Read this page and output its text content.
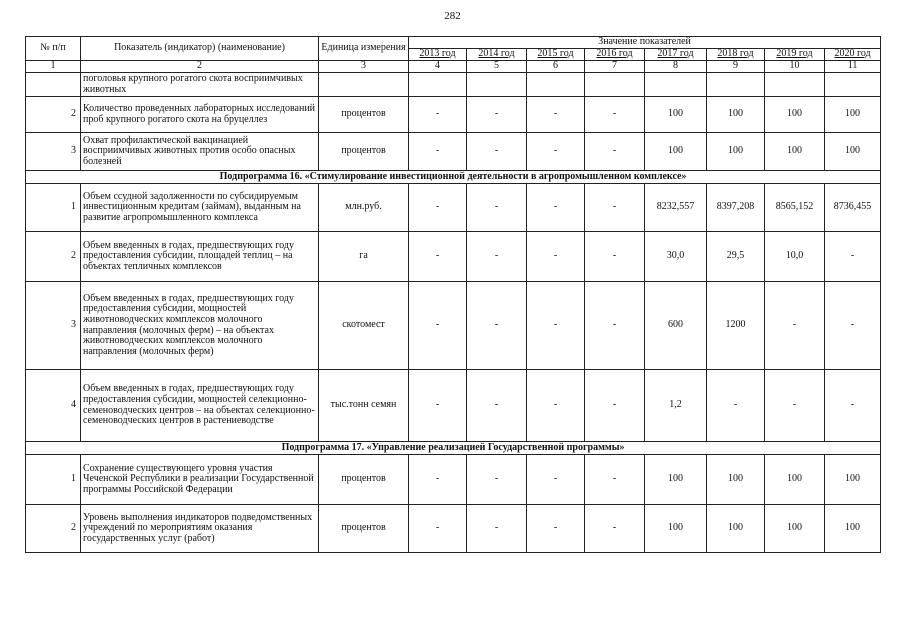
282
№ п/п	Показатель (индикатор) (наименование)	Единица измерения	Значение показателей							
			2013 год	2014 год	2015 год	2016 год	2017 год	2018 год	2019 год	2020 год
1	2	3	4	5	6	7	8	9	10	11
	поголовья крупного рогатого скота восприимчивых животных									
2	Количество проведенных лабораторных исследований проб крупного рогатого скота на бруцеллез	процентов	-	-	-	-	100	100	100	100
3	Охват профилактической вакцинацией восприимчивых животных против особо опасных болезней	процентов	-	-	-	-	100	100	100	100
Подпрограмма 16. «Стимулирование инвестиционной деятельности в агропромышленном комплексе»										
1	Объем ссудной задолженности по субсидируемым инвестиционным кредитам (займам), выданным на развитие агропромышленного комплекса	млн.руб.	-	-	-	-	8232,557	8397,208	8565,152	8736,455
2	Объем введенных в годах, предшествующих году предоставления субсидии, площадей теплиц – на объектах тепличных комплексов	га	-	-	-	-	30,0	29,5	10,0	-
3	Объем введенных в годах, предшествующих году предоставления субсидии, мощностей животноводческих комплексов молочного направления (молочных ферм) – на объектах животноводческих комплексов молочного направления (молочных ферм)	скотомест	-	-	-	-	600	1200	-	-
4	Объем введенных в годах, предшествующих году предоставления субсидии, мощностей селекционно-семеноводческих центров – на объектах селекционно- семеноводческих центров в растениеводстве	тыс.тонн семян	-	-	-	-	1,2	-	-	-
Подпрограмма 17. «Управление реализацией Государственной программы»										
1	Сохранение существующего уровня участия Чеченской Республики в реализации Государственной программы Российской Федерации	процентов	-	-	-	-	100	100	100	100
2	Уровень выполнения индикаторов подведомственных учреждений по мероприятиям оказания государственных услуг (работ)	процентов	-	-	-	-	100	100	100	100
